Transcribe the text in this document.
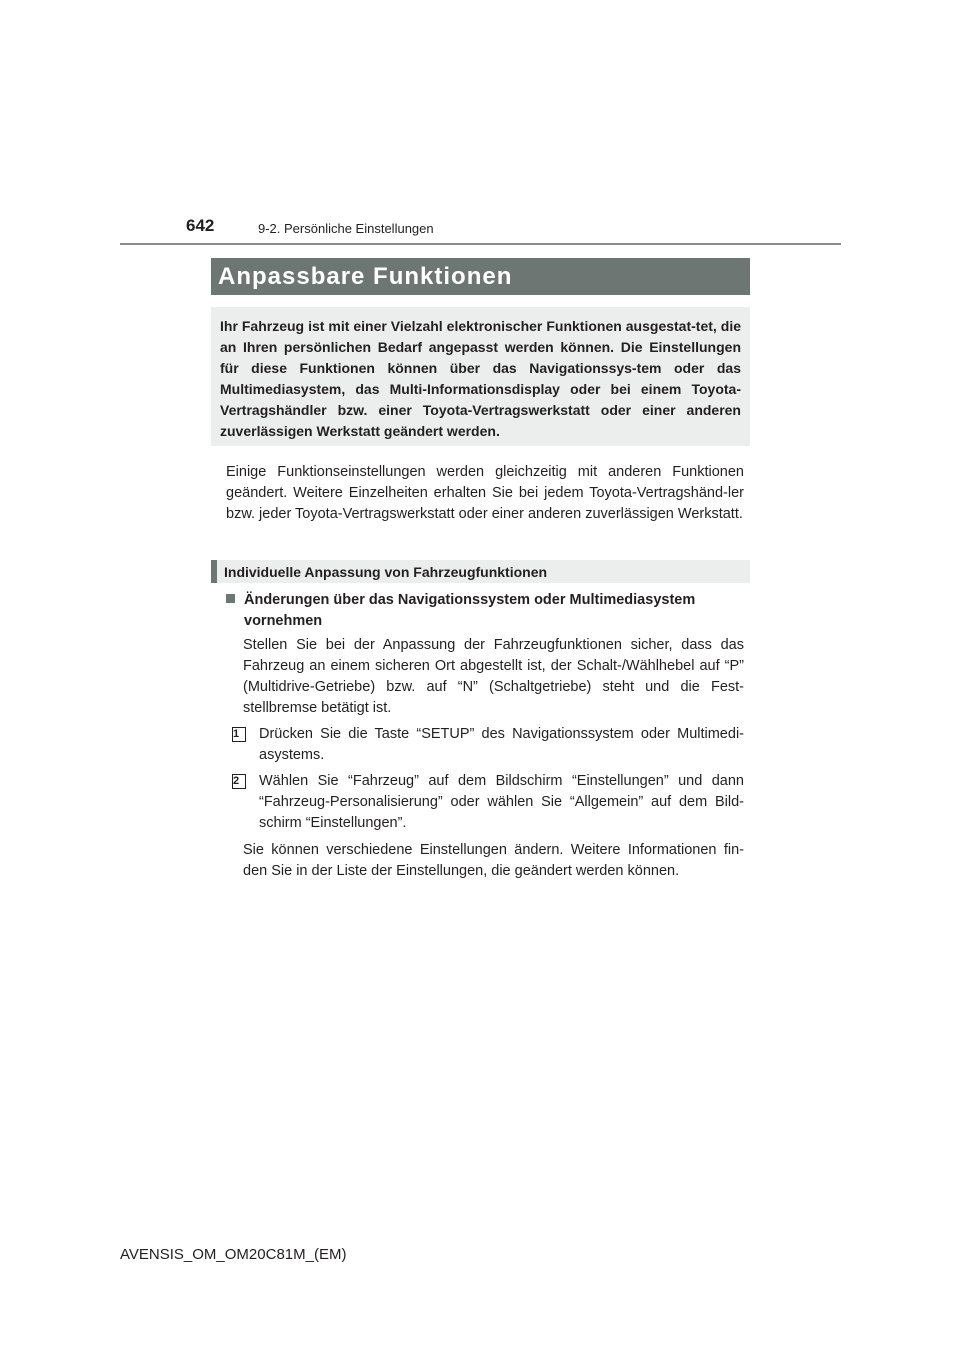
642	9-2. Persönliche Einstellungen
Anpassbare Funktionen
Ihr Fahrzeug ist mit einer Vielzahl elektronischer Funktionen ausgestat-tet, die an Ihren persönlichen Bedarf angepasst werden können. Die Einstellungen für diese Funktionen können über das Navigationssys-tem oder das Multimediasystem, das Multi-Informationsdisplay oder bei einem Toyota-Vertragshändler bzw. einer Toyota-Vertragswerkstatt oder einer anderen zuverlässigen Werkstatt geändert werden.
Einige Funktionseinstellungen werden gleichzeitig mit anderen Funktionen geändert. Weitere Einzelheiten erhalten Sie bei jedem Toyota-Vertragshänd-ler bzw. jeder Toyota-Vertragswerkstatt oder einer anderen zuverlässigen Werkstatt.
Individuelle Anpassung von Fahrzeugfunktionen
Änderungen über das Navigationssystem oder Multimediasystem
vornehmen
Stellen Sie bei der Anpassung der Fahrzeugfunktionen sicher, dass das Fahrzeug an einem sicheren Ort abgestellt ist, der Schalt-/Wählhebel auf “P” (Multidrive-Getriebe) bzw. auf “N” (Schaltgetriebe) steht und die Fest-stellbremse betätigt ist.
1	Drücken Sie die Taste “SETUP” des Navigationssystem oder Multimedi-asystems.
2	Wählen Sie “Fahrzeug” auf dem Bildschirm “Einstellungen” und dann “Fahrzeug-Personalisierung” oder wählen Sie “Allgemein” auf dem Bild-schirm “Einstellungen”.
Sie können verschiedene Einstellungen ändern. Weitere Informationen fin-den Sie in der Liste der Einstellungen, die geändert werden können.
AVENSIS_OM_OM20C81M_(EM)
